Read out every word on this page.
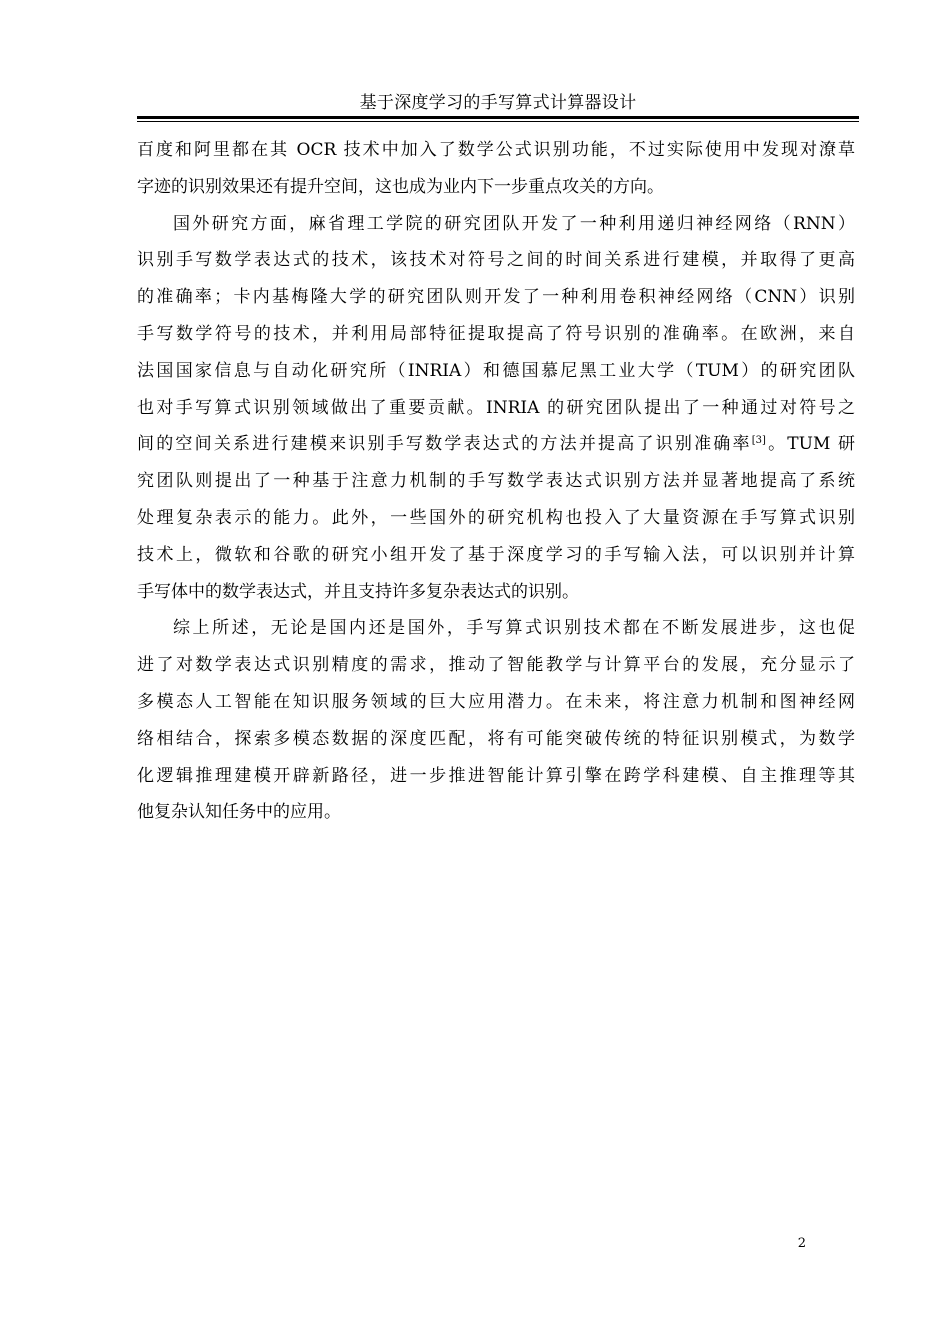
基于深度学习的手写算式计算器设计
百度和阿里都在其 OCR 技术中加入了数学公式识别功能，不过实际使用中发现对潦草
字迹的识别效果还有提升空间，这也成为业内下一步重点攻关的方向。
国外研究方面，麻省理工学院的研究团队开发了一种利用递归神经网络（RNN）
识别手写数学表达式的技术，该技术对符号之间的时间关系进行建模，并取得了更高
的准确率；卡内基梅隆大学的研究团队则开发了一种利用卷积神经网络（CNN）识别
手写数学符号的技术，并利用局部特征提取提高了符号识别的准确率。在欧洲，来自
法国国家信息与自动化研究所（INRIA）和德国慕尼黑工业大学（TUM）的研究团队
也对手写算式识别领域做出了重要贡献。INRIA 的研究团队提出了一种通过对符号之
间的空间关系进行建模来识别手写数学表达式的方法并提高了识别准确率[3]。TUM 研
究团队则提出了一种基于注意力机制的手写数学表达式识别方法并显著地提高了系统
处理复杂表示的能力。此外，一些国外的研究机构也投入了大量资源在手写算式识别
技术上，微软和谷歌的研究小组开发了基于深度学习的手写输入法，可以识别并计算
手写体中的数学表达式，并且支持许多复杂表达式的识别。
综上所述，无论是国内还是国外，手写算式识别技术都在不断发展进步，这也促
进了对数学表达式识别精度的需求，推动了智能教学与计算平台的发展，充分显示了
多模态人工智能在知识服务领域的巨大应用潜力。在未来，将注意力机制和图神经网
络相结合，探索多模态数据的深度匹配，将有可能突破传统的特征识别模式，为数学
化逻辑推理建模开辟新路径，进一步推进智能计算引擎在跨学科建模、自主推理等其
他复杂认知任务中的应用。
2
